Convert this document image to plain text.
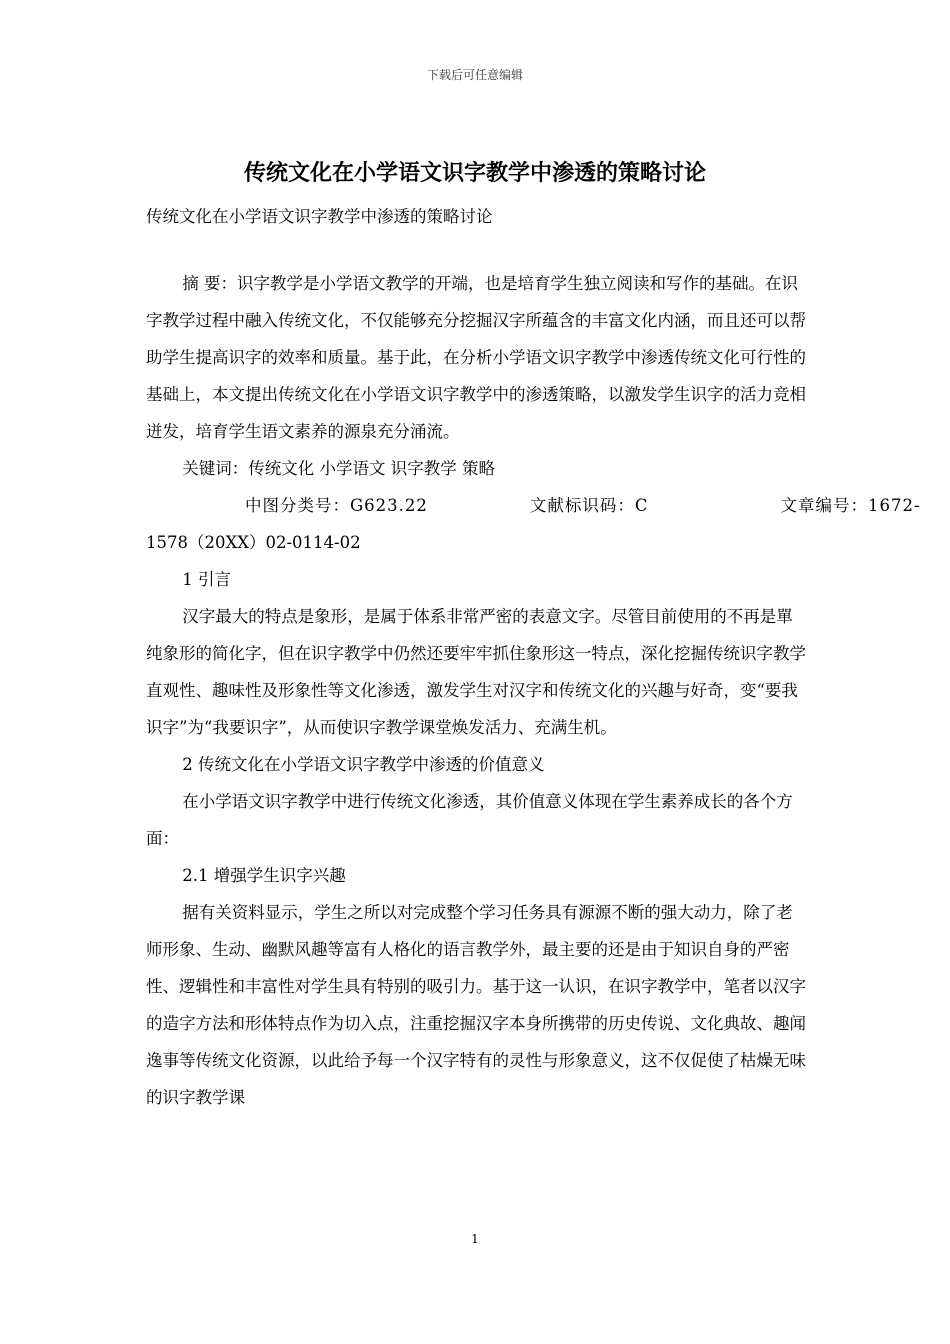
下载后可任意编辑
传统文化在小学语文识字教学中渗透的策略讨论

传统文化在小学语文识字教学中渗透的策略讨论

摘 要：识字教学是小学语文教学的开端，也是培育学生独立阅读和写作的基础。在识字教学过程中融入传统文化，不仅能够充分挖掘汉字所蕴含的丰富文化内涵，而且还可以帮助学生提高识字的效率和质量。基于此，在分析小学语文识字教学中渗透传统文化可行性的基础上，本文提出传统文化在小学语文识字教学中的渗透策略，以激发学生识字的活力竞相迸发，培育学生语文素养的源泉充分涌流。

关键词：传统文化 小学语文 识字教学 策略

中图分类号：G623.22	文献标识码：C	文章编号：1672-

1578（20XX）02-0114-02

1 引言

汉字最大的特点是象形，是属于体系非常严密的表意文字。尽管目前使用的不再是單纯象形的简化字，但在识字教学中仍然还要牢牢抓住象形这一特点，深化挖掘传统识字教学直观性、趣味性及形象性等文化渗透，激发学生对汉字和传统文化的兴趣与好奇，变“要我识字”为“我要识字”，从而使识字教学课堂焕发活力、充满生机。

2 传统文化在小学语文识字教学中渗透的价值意义

在小学语文识字教学中进行传统文化渗透，其价值意义体现在学生素养成长的各个方面：

2.1 增强学生识字兴趣

据有关资料显示，学生之所以对完成整个学习任务具有源源不断的强大动力，除了老师形象、生动、幽默风趣等富有人格化的语言教学外，最主要的还是由于知识自身的严密性、逻辑性和丰富性对学生具有特别的吸引力。基于这一认识，在识字教学中，笔者以汉字的造字方法和形体特点作为切入点，注重挖掘汉字本身所携带的历史传说、文化典故、趣闻逸事等传统文化资源，以此给予每一个汉字特有的灵性与形象意义，这不仅促使了枯燥无味的识字教学课

1
